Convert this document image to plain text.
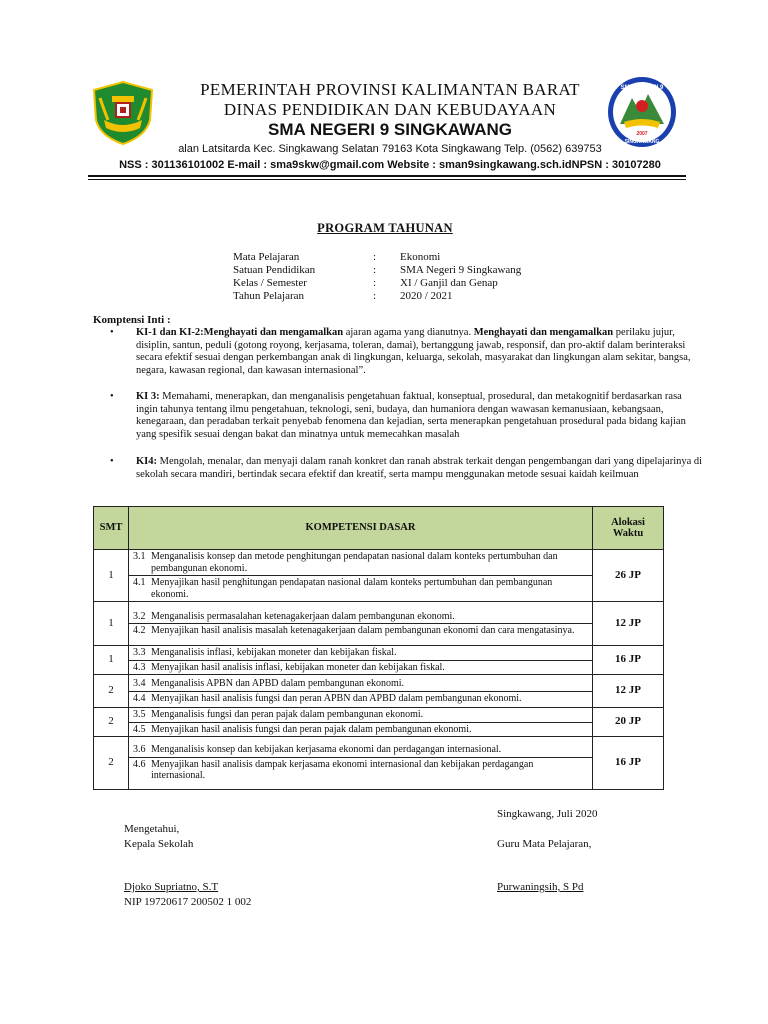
PEMERINTAH PROVINSI KALIMANTAN BARAT
DINAS PENDIDIKAN DAN KEBUDAYAAN
SMA NEGERI 9 SINGKAWANG
alan Latsitarda Kec. Singkawang Selatan 79163 Kota Singkawang Telp. (0562) 639753
NSS : 301136101002 E-mail : sma9skw@gmail.com Website : sman9singkawang.sch.idNPSN : 30107280
SMA NEGERI 9
2007
SINGKAWANG
PROGRAM TAHUNAN
Mata Pelajaran	: Ekonomi
Satuan Pendidikan	: SMA Negeri 9 Singkawang
Kelas / Semester	: XI / Ganjil dan Genap
Tahun Pelajaran	: 2020 / 2021
Komptensi Inti :
• KI-1 dan KI-2:Menghayati dan mengamalkan ajaran agama yang dianutnya. Menghayati dan mengamalkan perilaku jujur, disiplin, santun, peduli (gotong royong, kerjasama, toleran, damai), bertanggung jawab, responsif, dan pro-aktif dalam berinteraksi secara efektif sesuai dengan perkembangan anak di lingkungan, keluarga, sekolah, masyarakat dan lingkungan alam sekitar, bangsa, negara, kawasan regional, dan kawasan internasional”.
• KI 3: Memahami, menerapkan, dan menganalisis pengetahuan faktual, konseptual, prosedural, dan metakognitif berdasarkan rasa ingin tahunya tentang ilmu pengetahuan, teknologi, seni, budaya, dan humaniora dengan wawasan kemanusiaan, kebangsaan, kenegaraan, dan peradaban terkait penyebab fenomena dan kejadian, serta menerapkan pengetahuan prosedural pada bidang kajian yang spesifik sesuai dengan bakat dan minatnya untuk memecahkan masalah
• KI4: Mengolah, menalar, dan menyaji dalam ranah konkret dan ranah abstrak terkait dengan pengembangan dari yang dipelajarinya di sekolah secara mandiri, bertindak secara efektif dan kreatif, serta mampu menggunakan metode sesuai kaidah keilmuan
SMT	KOMPETENSI DASAR	Alokasi Waktu
1	3.1 Menganalisis konsep dan metode penghitungan pendapatan nasional dalam konteks pertumbuhan dan pembangunan ekonomi.
4.1 Menyajikan hasil penghitungan pendapatan nasional dalam konteks pertumbuhan dan pembangunan ekonomi.	26 JP
1	3.2 Menganalisis permasalahan ketenagakerjaan dalam pembangunan ekonomi.
4.2 Menyajikan hasil analisis masalah ketenagakerjaan dalam pembangunan ekonomi dan cara mengatasinya.	12 JP
1	3.3 Menganalisis inflasi, kebijakan moneter dan kebijakan fiskal.
4.3 Menyajikan hasil analisis inflasi, kebijakan moneter dan kebijakan fiskal.	16 JP
2	3.4 Menganalisis APBN dan APBD dalam pembangunan ekonomi.
4.4 Menyajikan hasil analisis fungsi dan peran APBN dan APBD dalam pembangunan ekonomi.	12 JP
2	3.5 Menganalisis fungsi dan peran pajak dalam pembangunan ekonomi.
4.5 Menyajikan hasil analisis fungsi dan peran pajak dalam pembangunan ekonomi.	20 JP
2	3.6 Menganalisis konsep dan kebijakan kerjasama ekonomi dan perdagangan internasional.
4.6 Menyajikan hasil analisis dampak kerjasama ekonomi internasional dan kebijakan perdagangan internasional.	16 JP
Singkawang, Juli 2020
Mengetahui,
Kepala Sekolah	Guru Mata Pelajaran,
Djoko Supriatno, S.T
NIP 19720617 200502 1 002
Purwaningsih, S Pd
